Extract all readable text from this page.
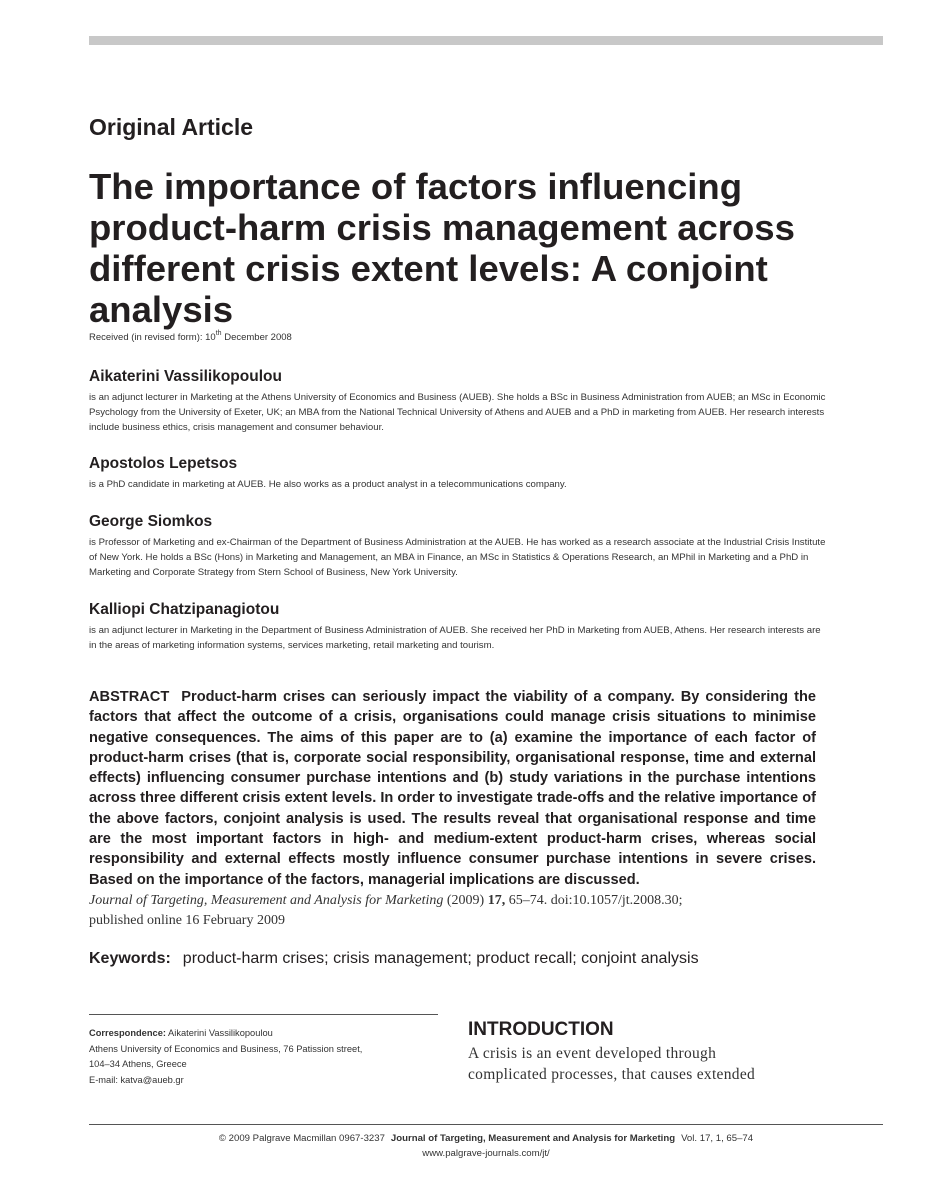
Original Article
The importance of factors influencing product-harm crisis management across different crisis extent levels: A conjoint analysis
Received (in revised form): 10th December 2008

Aikaterini Vassilikopoulou

is an adjunct lecturer in Marketing at the Athens University of Economics and Business (AUEB). She holds a BSc in Business Administration from AUEB; an MSc in Economic Psychology from the University of Exeter, UK; an MBA from the National Technical University of Athens and AUEB and a PhD in marketing from AUEB. Her research interests include business ethics, crisis management and consumer behaviour.

Apostolos Lepetsos

is a PhD candidate in marketing at AUEB. He also works as a product analyst in a telecommunications company.

George Siomkos

is Professor of Marketing and ex-Chairman of the Department of Business Administration at the AUEB. He has worked as a research associate at the Industrial Crisis Institute of New York. He holds a BSc (Hons) in Marketing and Management, an MBA in Finance, an MSc in Statistics & Operations Research, an MPhil in Marketing and a PhD in Marketing and Corporate Strategy from Stern School of Business, New York University.

Kalliopi Chatzipanagiotou

is an adjunct lecturer in Marketing in the Department of Business Administration of AUEB. She received her PhD in Marketing from AUEB, Athens. Her research interests are in the areas of marketing information systems, services marketing, retail marketing and tourism.

ABSTRACT Product-harm crises can seriously impact the viability of a company. By considering the factors that affect the outcome of a crisis, organisations could manage crisis situations to minimise negative consequences. The aims of this paper are to (a) examine the importance of each factor of product-harm crises (that is, corporate social responsibility, organisational response, time and external effects) influencing consumer purchase intentions and (b) study variations in the purchase intentions across three different crisis extent levels. In order to investigate trade-offs and the relative importance of the above factors, conjoint analysis is used. The results reveal that organisational response and time are the most important factors in high- and medium-extent product-harm crises, whereas social responsibility and external effects mostly influence consumer purchase intentions in severe crises. Based on the importance of the factors, managerial implications are discussed.

Journal of Targeting, Measurement and Analysis for Marketing (2009) 17, 65–74. doi:10.1057/jt.2008.30;
published online 16 February 2009
Keywords: product-harm crises; crisis management; product recall; conjoint analysis
Correspondence: Aikaterini Vassilikopoulou
Athens University of Economics and Business, 76 Patission street,
104–34 Athens, Greece
E-mail: katva@aueb.gr
INTRODUCTION
A crisis is an event developed through
complicated processes, that causes extended
© 2009 Palgrave Macmillan 0967-3237 Journal of Targeting, Measurement and Analysis for Marketing Vol. 17, 1, 65–74
www.palgrave-journals.com/jt/
